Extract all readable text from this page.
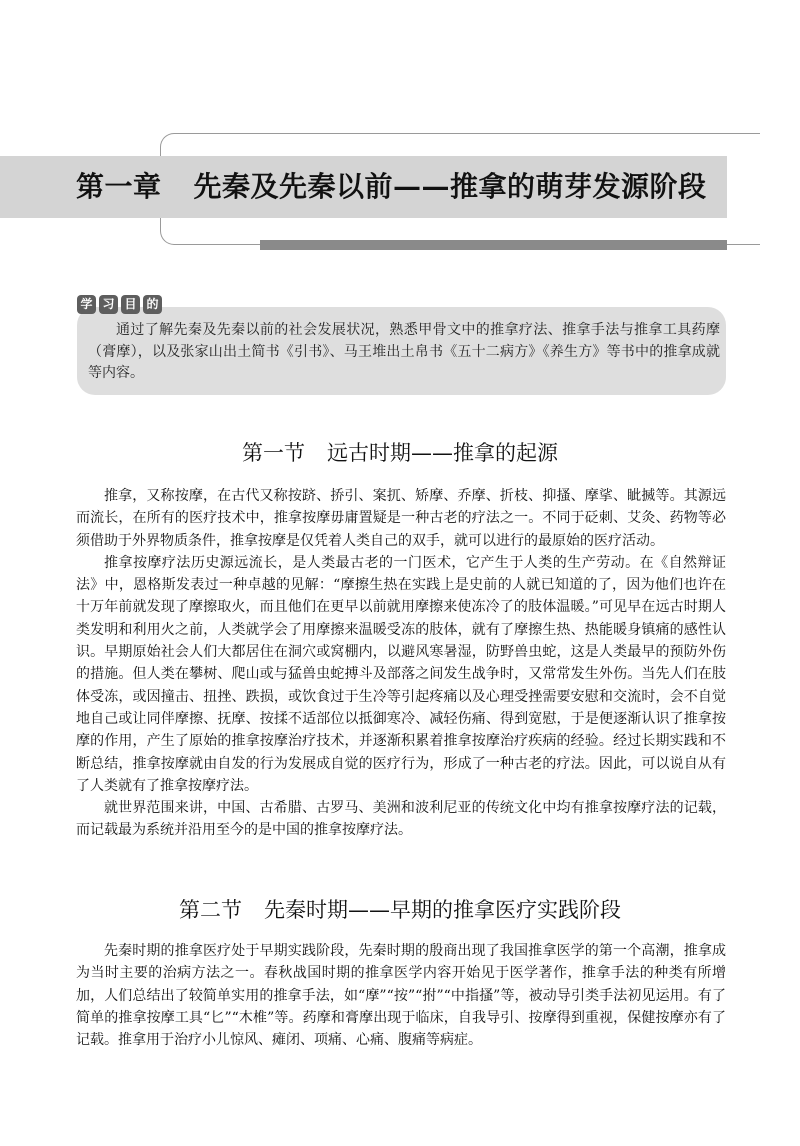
第一章 先秦及先秦以前——推拿的萌芽发源阶段
学 习 目 的

通过了解先秦及先秦以前的社会发展状况，熟悉甲骨文中的推拿疗法、推拿手法与推拿工具药摩（膏摩），以及张家山出土简书《引书》、马王堆出土帛书《五十二病方》《养生方》等书中的推拿成就等内容。

第一节 远古时期——推拿的起源

推拿，又称按摩，在古代又称按跻、挢引、案扤、矫摩、乔摩、折枝、抑搔、摩挲、眦搣等。其源远而流长，在所有的医疗技术中，推拿按摩毋庸置疑是一种古老的疗法之一。不同于砭刺、艾灸、药物等必须借助于外界物质条件，推拿按摩是仅凭着人类自己的双手，就可以进行的最原始的医疗活动。

推拿按摩疗法历史源远流长，是人类最古老的一门医术，它产生于人类的生产劳动。在《自然辩证法》中，恩格斯发表过一种卓越的见解：“摩擦生热在实践上是史前的人就已知道的了，因为他们也许在十万年前就发现了摩擦取火，而且他们在更早以前就用摩擦来使冻冷了的肢体温暖。”可见早在远古时期人类发明和利用火之前，人类就学会了用摩擦来温暖受冻的肢体，就有了摩擦生热、热能暖身镇痛的感性认识。早期原始社会人们大都居住在洞穴或窝棚内，以避风寒暑湿，防野兽虫蛇，这是人类最早的预防外伤的措施。但人类在攀树、爬山或与猛兽虫蛇搏斗及部落之间发生战争时，又常常发生外伤。当先人们在肢体受冻，或因撞击、扭挫、跌损，或饮食过于生冷等引起疼痛以及心理受挫需要安慰和交流时，会不自觉地自己或让同伴摩擦、抚摩、按揉不适部位以抵御寒冷、减轻伤痛、得到宽慰，于是便逐渐认识了推拿按摩的作用，产生了原始的推拿按摩治疗技术，并逐渐积累着推拿按摩治疗疾病的经验。经过长期实践和不断总结，推拿按摩就由自发的行为发展成自觉的医疗行为，形成了一种古老的疗法。因此，可以说自从有了人类就有了推拿按摩疗法。

就世界范围来讲，中国、古希腊、古罗马、美洲和波利尼亚的传统文化中均有推拿按摩疗法的记载，而记载最为系统并沿用至今的是中国的推拿按摩疗法。

第二节 先秦时期——早期的推拿医疗实践阶段

先秦时期的推拿医疗处于早期实践阶段，先秦时期的殷商出现了我国推拿医学的第一个高潮，推拿成为当时主要的治病方法之一。春秋战国时期的推拿医学内容开始见于医学著作，推拿手法的种类有所增加，人们总结出了较简单实用的推拿手法，如“摩”“按”“拊”“中指搔”等，被动导引类手法初见运用。有了简单的推拿按摩工具“匕”“木椎”等。药摩和膏摩出现于临床，自我导引、按摩得到重视，保健按摩亦有了记载。推拿用于治疗小儿惊风、瘫闭、项痛、心痛、腹痛等病症。
